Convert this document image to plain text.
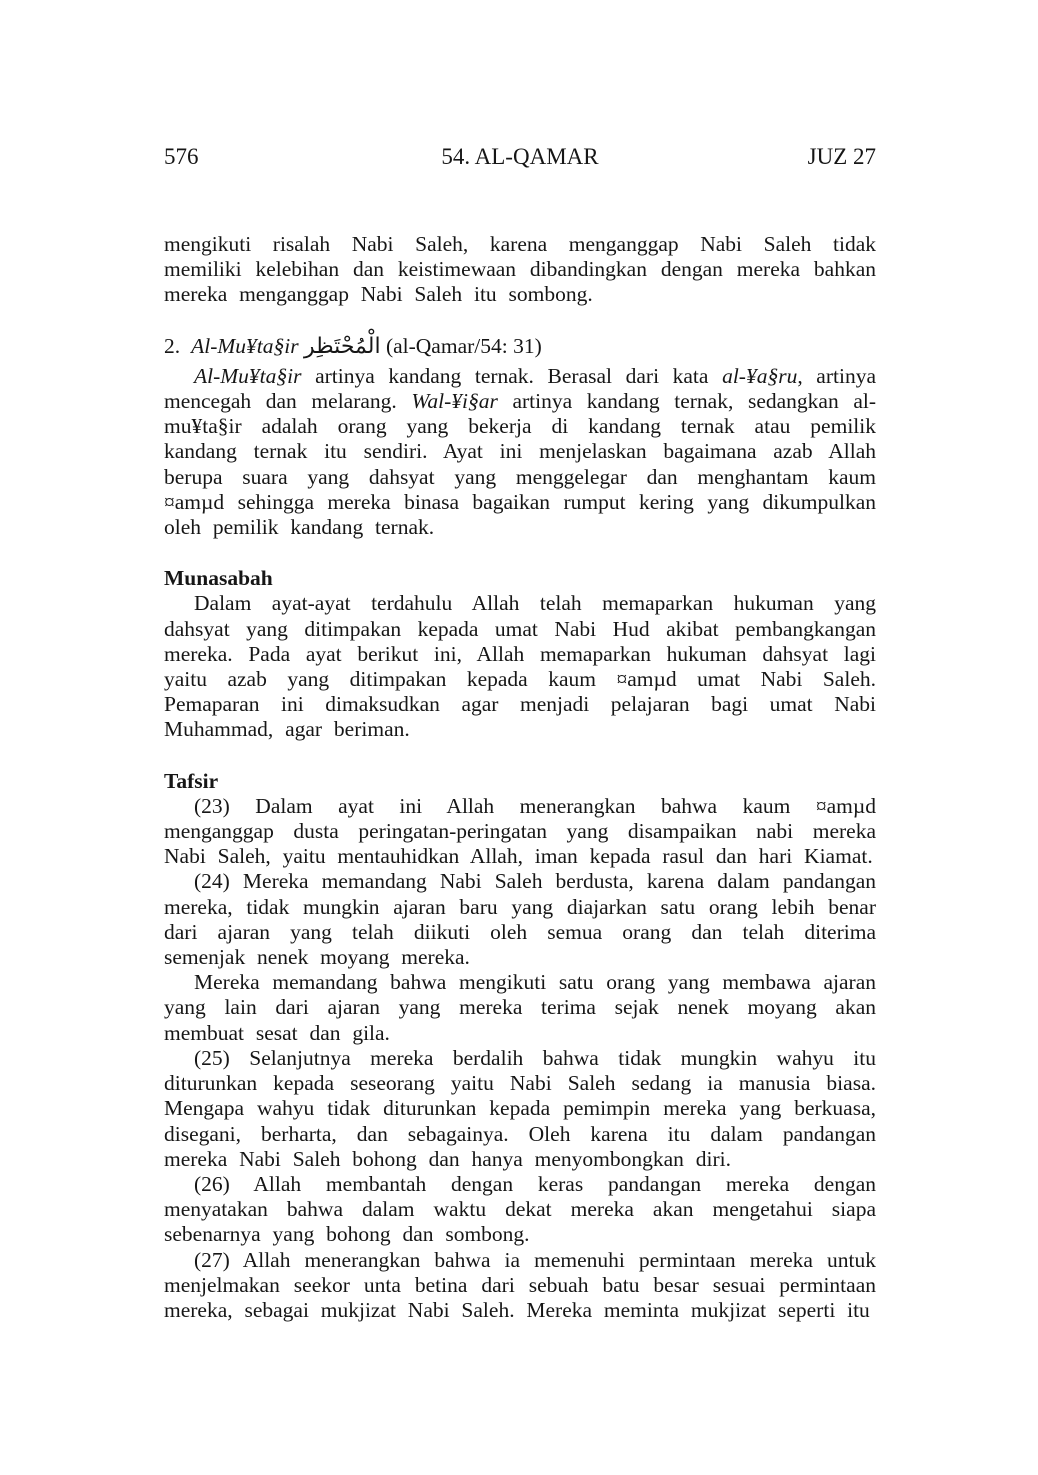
576	54. AL-QAMAR	JUZ 27

mengikuti risalah Nabi Saleh, karena menganggap Nabi Saleh tidak memiliki kelebihan dan keistimewaan dibandingkan dengan mereka bahkan mereka menganggap Nabi Saleh itu sombong.

2. Al-Mu¥ta§ir الْمُحْتَظِر (al-Qamar/54: 31)

Al-Mu¥ta§ir artinya kandang ternak. Berasal dari kata al-¥a§ru, artinya mencegah dan melarang. Wal-¥i§ar artinya kandang ternak, sedangkan al-mu¥ta§ir adalah orang yang bekerja di kandang ternak atau pemilik kandang ternak itu sendiri. Ayat ini menjelaskan bagaimana azab Allah berupa suara yang dahsyat yang menggelegar dan menghantam kaum ¤amµd sehingga mereka binasa bagaikan rumput kering yang dikumpulkan oleh pemilik kandang ternak.

Munasabah

Dalam ayat-ayat terdahulu Allah telah memaparkan hukuman yang dahsyat yang ditimpakan kepada umat Nabi Hud akibat pembangkangan mereka. Pada ayat berikut ini, Allah memaparkan hukuman dahsyat lagi yaitu azab yang ditimpakan kepada kaum ¤amµd umat Nabi Saleh. Pemaparan ini dimaksudkan agar menjadi pelajaran bagi umat Nabi Muhammad, agar beriman.

Tafsir

(23) Dalam ayat ini Allah menerangkan bahwa kaum ¤amµd menganggap dusta peringatan-peringatan yang disampaikan nabi mereka Nabi Saleh, yaitu mentauhidkan Allah, iman kepada rasul dan hari Kiamat.

(24) Mereka memandang Nabi Saleh berdusta, karena dalam pandangan mereka, tidak mungkin ajaran baru yang diajarkan satu orang lebih benar dari ajaran yang telah diikuti oleh semua orang dan telah diterima semenjak nenek moyang mereka.

Mereka memandang bahwa mengikuti satu orang yang membawa ajaran yang lain dari ajaran yang mereka terima sejak nenek moyang akan membuat sesat dan gila.

(25) Selanjutnya mereka berdalih bahwa tidak mungkin wahyu itu diturunkan kepada seseorang yaitu Nabi Saleh sedang ia manusia biasa. Mengapa wahyu tidak diturunkan kepada pemimpin mereka yang berkuasa, disegani, berharta, dan sebagainya. Oleh karena itu dalam pandangan mereka Nabi Saleh bohong dan hanya menyombongkan diri.

(26) Allah membantah dengan keras pandangan mereka dengan menyatakan bahwa dalam waktu dekat mereka akan mengetahui siapa sebenarnya yang bohong dan sombong.

(27) Allah menerangkan bahwa ia memenuhi permintaan mereka untuk menjelmakan seekor unta betina dari sebuah batu besar sesuai permintaan mereka, sebagai mukjizat Nabi Saleh. Mereka meminta mukjizat seperti itu
